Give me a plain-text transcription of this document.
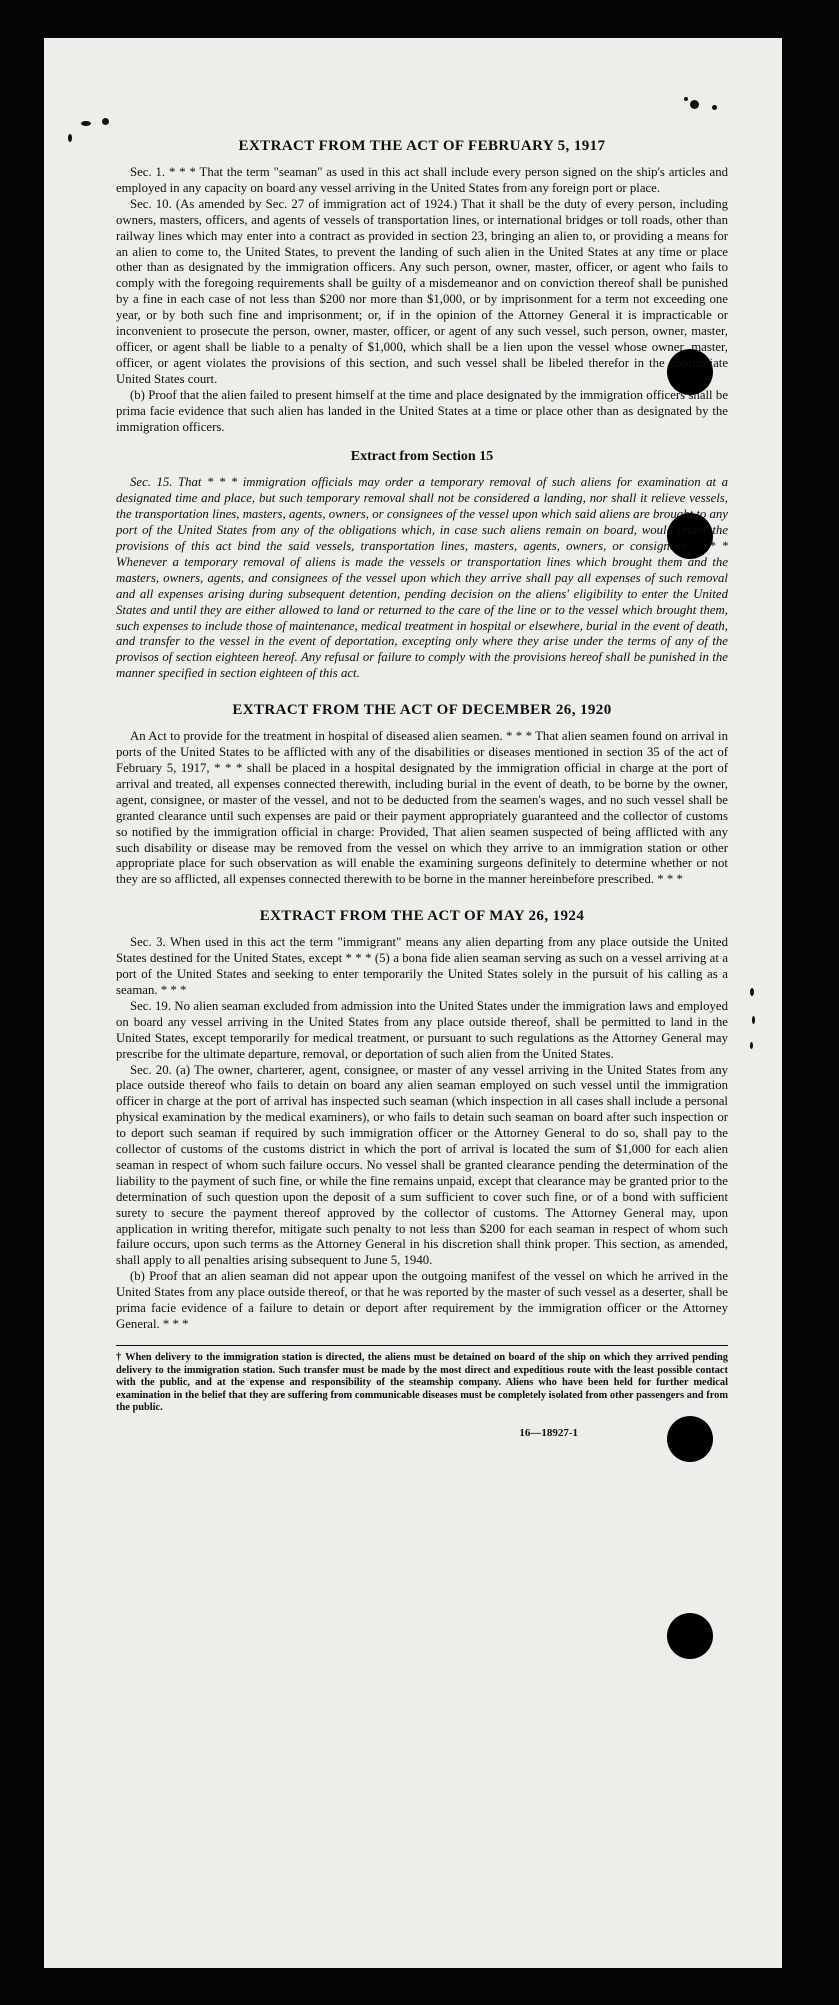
EXTRACT FROM THE ACT OF FEBRUARY 5, 1917

Sec. 1. * * * That the term "seaman" as used in this act shall include every person signed on the ship's articles and employed in any capacity on board any vessel arriving in the United States from any foreign port or place.

Sec. 10. (As amended by Sec. 27 of immigration act of 1924.) That it shall be the duty of every person, including owners, masters, officers, and agents of vessels of transportation lines, or international bridges or toll roads, other than railway lines which may enter into a contract as provided in section 23, bringing an alien to, or providing a means for an alien to come to, the United States, to prevent the landing of such alien in the United States at any time or place other than as designated by the immigration officers. Any such person, owner, master, officer, or agent who fails to comply with the foregoing requirements shall be guilty of a misdemeanor and on conviction thereof shall be punished by a fine in each case of not less than $200 nor more than $1,000, or by imprisonment for a term not exceeding one year, or by both such fine and imprisonment; or, if in the opinion of the Attorney General it is impracticable or inconvenient to prosecute the person, owner, master, officer, or agent of any such vessel, such person, owner, master, officer, or agent shall be liable to a penalty of $1,000, which shall be a lien upon the vessel whose owner, master, officer, or agent violates the provisions of this section, and such vessel shall be libeled therefor in the appropriate United States court.

(b) Proof that the alien failed to present himself at the time and place designated by the immigration officers shall be prima facie evidence that such alien has landed in the United States at a time or place other than as designated by the immigration officers.

Extract from Section 15

Sec. 15. That * * * immigration officials may order a temporary removal of such aliens for examination at a designated time and place, but such temporary removal shall not be considered a landing, nor shall it relieve vessels, the transportation lines, masters, agents, owners, or consignees of the vessel upon which said aliens are brought to any port of the United States from any of the obligations which, in case such aliens remain on board, would under the provisions of this act bind the said vessels, transportation lines, masters, agents, owners, or consignees: * * * Whenever a temporary removal of aliens is made the vessels or transportation lines which brought them and the masters, owners, agents, and consignees of the vessel upon which they arrive shall pay all expenses of such removal and all expenses arising during subsequent detention, pending decision on the aliens' eligibility to enter the United States and until they are either allowed to land or returned to the care of the line or to the vessel which brought them, such expenses to include those of maintenance, medical treatment in hospital or elsewhere, burial in the event of death, and transfer to the vessel in the event of deportation, excepting only where they arise under the terms of any of the provisos of section eighteen hereof. Any refusal or failure to comply with the provisions hereof shall be punished in the manner specified in section eighteen of this act.

EXTRACT FROM THE ACT OF DECEMBER 26, 1920

An Act to provide for the treatment in hospital of diseased alien seamen. * * * That alien seamen found on arrival in ports of the United States to be afflicted with any of the disabilities or diseases mentioned in section 35 of the act of February 5, 1917, * * * shall be placed in a hospital designated by the immigration official in charge at the port of arrival and treated, all expenses connected therewith, including burial in the event of death, to be borne by the owner, agent, consignee, or master of the vessel, and not to be deducted from the seamen's wages, and no such vessel shall be granted clearance until such expenses are paid or their payment appropriately guaranteed and the collector of customs so notified by the immigration official in charge: Provided, That alien seamen suspected of being afflicted with any such disability or disease may be removed from the vessel on which they arrive to an immigration station or other appropriate place for such observation as will enable the examining surgeons definitely to determine whether or not they are so afflicted, all expenses connected therewith to be borne in the manner hereinbefore prescribed. * * *

EXTRACT FROM THE ACT OF MAY 26, 1924

Sec. 3. When used in this act the term "immigrant" means any alien departing from any place outside the United States destined for the United States, except * * * (5) a bona fide alien seaman serving as such on a vessel arriving at a port of the United States and seeking to enter temporarily the United States solely in the pursuit of his calling as a seaman. * * *

Sec. 19. No alien seaman excluded from admission into the United States under the immigration laws and employed on board any vessel arriving in the United States from any place outside thereof, shall be permitted to land in the United States, except temporarily for medical treatment, or pursuant to such regulations as the Attorney General may prescribe for the ultimate departure, removal, or deportation of such alien from the United States.

Sec. 20. (a) The owner, charterer, agent, consignee, or master of any vessel arriving in the United States from any place outside thereof who fails to detain on board any alien seaman employed on such vessel until the immigration officer in charge at the port of arrival has inspected such seaman (which inspection in all cases shall include a personal physical examination by the medical examiners), or who fails to detain such seaman on board after such inspection or to deport such seaman if required by such immigration officer or the Attorney General to do so, shall pay to the collector of customs of the customs district in which the port of arrival is located the sum of $1,000 for each alien seaman in respect of whom such failure occurs. No vessel shall be granted clearance pending the determination of the liability to the payment of such fine, or while the fine remains unpaid, except that clearance may be granted prior to the determination of such question upon the deposit of a sum sufficient to cover such fine, or of a bond with sufficient surety to secure the payment thereof approved by the collector of customs. The Attorney General may, upon application in writing therefor, mitigate such penalty to not less than $200 for each seaman in respect of whom such failure occurs, upon such terms as the Attorney General in his discretion shall think proper. This section, as amended, shall apply to all penalties arising subsequent to June 5, 1940.

(b) Proof that an alien seaman did not appear upon the outgoing manifest of the vessel on which he arrived in the United States from any place outside thereof, or that he was reported by the master of such vessel as a deserter, shall be prima facie evidence of a failure to detain or deport after requirement by the immigration officer or the Attorney General. * * *

† When delivery to the immigration station is directed, the aliens must be detained on board of the ship on which they arrived pending delivery to the immigration station. Such transfer must be made by the most direct and expeditious route with the least possible contact with the public, and at the expense and responsibility of the steamship company. Aliens who have been held for further medical examination in the belief that they are suffering from communicable diseases must be completely isolated from other passengers and from the public.
16—18927-1
